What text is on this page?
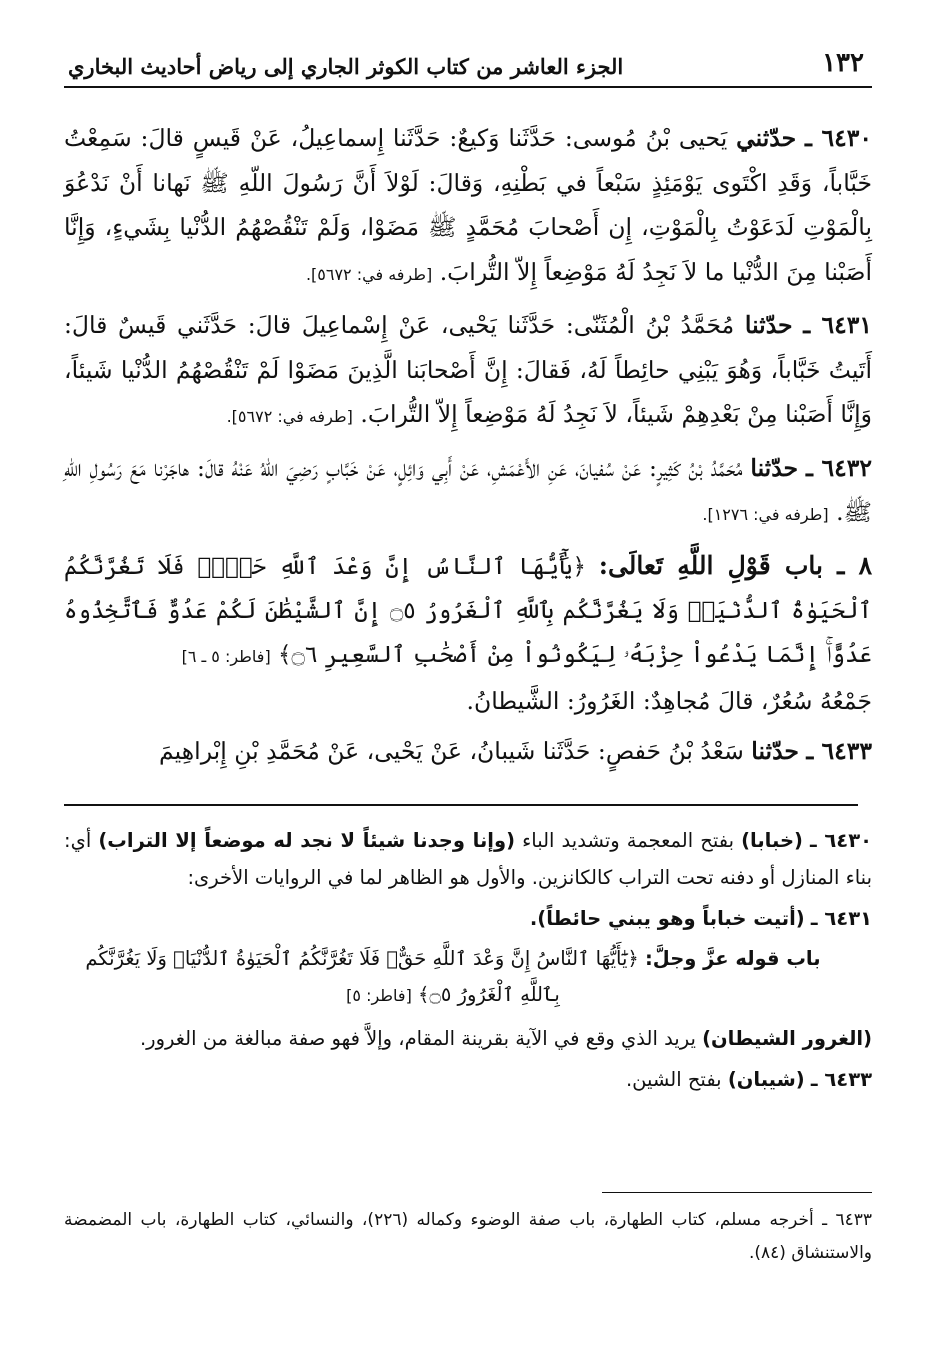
١٣٢
الجزء العاشر من كتاب الكوثر الجاري إلى رياض أحاديث البخاري

٦٤٣٠ ـ حدّثني يَحيى بْنُ مُوسى: حَدَّثَنا وَكيعٌ: حَدَّثَنا إِسماعِيلُ، عَنْ قَيسٍ قالَ: سَمِعْتُ خَبَّاباً، وَقَدِ اكْتَوى يَوْمَئِذٍ سَبْعاً في بَطْنِهِ، وَقالَ: لَوْلاَ أَنَّ رَسُولَ اللّهِ ﷺ نَهانا أَنْ نَدْعُوَ بِالْمَوْتِ لَدَعَوْتُ بِالْمَوْتِ، إِن أَصْحابَ مُحَمَّدٍ ﷺ مَضَوْا، وَلَمْ تَنْقُصْهُمُ الدُّنْيا بِشَيءٍ، وَإِنَّا أَصَبْنا مِنَ الدُّنْيا ما لاَ نَجِدُ لَهُ مَوْضِعاً إِلاّ التُّرابَ. [طرفه في: ٥٦٧٢].

٦٤٣١ ـ حدّثنا مُحَمَّدُ بْنُ الْمُثَنّى: حَدَّثَنا يَحْيى، عَنْ إِسْماعِيلَ قالَ: حَدَّثَني قَيسٌ قالَ: أَتَيتُ خَبَّاباً، وَهُوَ يَبْنِي حائِطاً لَهُ، فَقالَ: إِنَّ أَصْحابَنا الَّذِينَ مَضَوْا لَمْ تَنْقُصْهُمُ الدُّنْيا شَيئاً، وَإِنَّا أَصَبْنا مِنْ بَعْدِهِمْ شَيئاً، لاَ نَجِدُ لَهُ مَوْضِعاً إِلاّ التُّرابَ. [طرفه في: ٥٦٧٢].

٦٤٣٢ ـ حدّثنا مُحَمَّدُ بْنُ كَثِيرٍ: عَنْ سُفيانَ، عَنِ الأَعْمَشِ، عَنْ أَبِي وَائِلٍ، عَنْ خَبَّابٍ رَضِيَ اللّهُ عَنْهُ قالَ: هاجَرْنا مَعَ رَسُولِ اللّهِ ﷺ. [طرفه في: ١٢٧٦].

٨ ـ باب قَوْلِ اللَّهِ تَعالَى: ﴿يَٰٓأَيُّهَا ٱلنَّاسُ إِنَّ وَعْدَ ٱللَّهِ حَقٌّۖ فَلَا تَغُرَّنَّكُمُ ٱلْحَيَوٰةُ ٱلدُّنْيَاۖ وَلَا يَغُرَّنَّكُم بِٱللَّهِ ٱلْغَرُورُ ۝٥ إِنَّ ٱلشَّيْطَٰنَ لَكُمْ عَدُوٌّ فَٱتَّخِذُوهُ عَدُوًّاۚ إِنَّمَا يَدْعُواْ حِزْبَهُۥ لِيَكُونُواْ مِنْ أَصْحَٰبِ ٱلسَّعِيرِ ۝٦﴾ [فاطر: ٥ ـ ٦]

جَمْعُهُ سُعُرٌ، قالَ مُجاهِدٌ: الغَرُورُ: الشَّيطانُ.

٦٤٣٣ ـ حدّثنا سَعْدُ بْنُ حَفصٍ: حَدَّثَنا شَيبانُ، عَنْ يَحْيى، عَنْ مُحَمَّدِ بْنِ إِبْراهِيمَ

٦٤٣٠ ـ (خبابا) بفتح المعجمة وتشديد الباء (وإنا وجدنا شيئاً لا نجد له موضعاً إلا التراب) أي: بناء المنازل أو دفنه تحت التراب كالكانزين. والأول هو الظاهر لما في الروايات الأخرى:

٦٤٣١ ـ (أتيت خباباً وهو يبني حائطاً).

باب قوله عزَّ وجلَّ: ﴿يَٰٓأَيُّهَا ٱلنَّاسُ إِنَّ وَعْدَ ٱللَّهِ حَقٌّۖ فَلَا تَغُرَّنَّكُمُ ٱلْحَيَوٰةُ ٱلدُّنْيَاۖ وَلَا يَغُرَّنَّكُم بِٱللَّهِ ٱلْغَرُورُ ۝٥﴾ [فاطر: ٥]

(الغرور الشيطان) يريد الذي وقع في الآية بقرينة المقام، وإلاَّ فهو صفة مبالغة من الغرور.

٦٤٣٣ ـ (شيبان) بفتح الشين.

٦٤٣٣ ـ أخرجه مسلم، كتاب الطهارة، باب صفة الوضوء وكماله (٢٢٦)، والنسائي، كتاب الطهارة، باب المضمضة والاستنشاق (٨٤).
